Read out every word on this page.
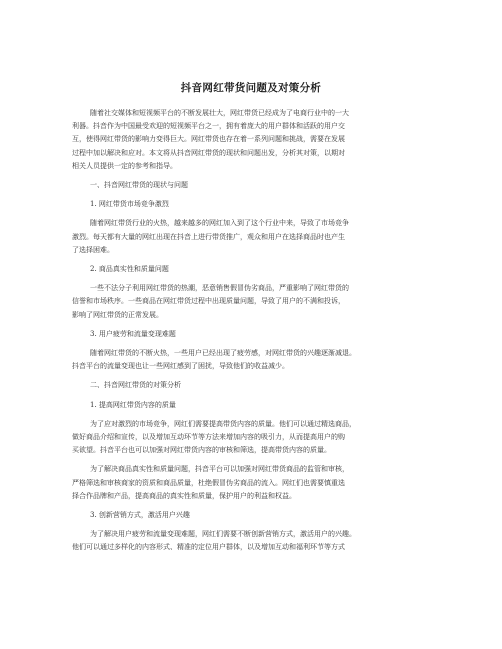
抖音网红带货问题及对策分析
随着社交媒体和短视频平台的不断发展壮大，网红带货已经成为了电商行业中的一大
利器。抖音作为中国最受欢迎的短视频平台之一，拥有着庞大的用户群体和活跃的用户交
互，使得网红带货的影响力变得巨大。网红带货也存在着一系列问题和挑战，需要在发展
过程中加以解决和应对。本文将从抖音网红带货的现状和问题出发，分析其对策，以期对
相关人员提供一定的参考和指导。
一、抖音网红带货的现状与问题
1. 网红带货市场竞争激烈
随着网红带货行业的火热，越来越多的网红加入到了这个行业中来，导致了市场竞争
激烈。每天都有大量的网红出现在抖音上进行带货推广，观众和用户在选择商品时也产生
了选择困难。
2. 商品真实性和质量问题
一些不法分子利用网红带货的热潮，恶意销售假冒伪劣商品，严重影响了网红带货的
信誉和市场秩序。一些商品在网红带货过程中出现质量问题，导致了用户的不满和投诉，
影响了网红带货的正常发展。
3. 用户疲劳和流量变现难题
随着网红带货的不断火热，一些用户已经出现了疲劳感，对网红带货的兴趣逐渐减退。
抖音平台的流量变现也让一些网红感到了困扰，导致他们的收益减少。
二、抖音网红带货的对策分析
1. 提高网红带货内容的质量
为了应对激烈的市场竞争，网红们需要提高带货内容的质量。他们可以通过精选商品，
做好商品介绍和宣传，以及增加互动环节等方法来增加内容的吸引力，从而提高用户的购
买欲望。抖音平台也可以加强对网红带货内容的审核和筛选，提高带货内容的质量。
为了解决商品真实性和质量问题，抖音平台可以加强对网红带货商品的监管和审核，
严格筛选和审核商家的资质和商品质量，杜绝假冒伪劣商品的流入。网红们也需要慎重选
择合作品牌和产品，提高商品的真实性和质量，保护用户的利益和权益。
3. 创新营销方式，激活用户兴趣
为了解决用户疲劳和流量变现难题，网红们需要不断创新营销方式，激活用户的兴趣。
他们可以通过多样化的内容形式、精准的定位用户群体，以及增加互动和福利环节等方式
